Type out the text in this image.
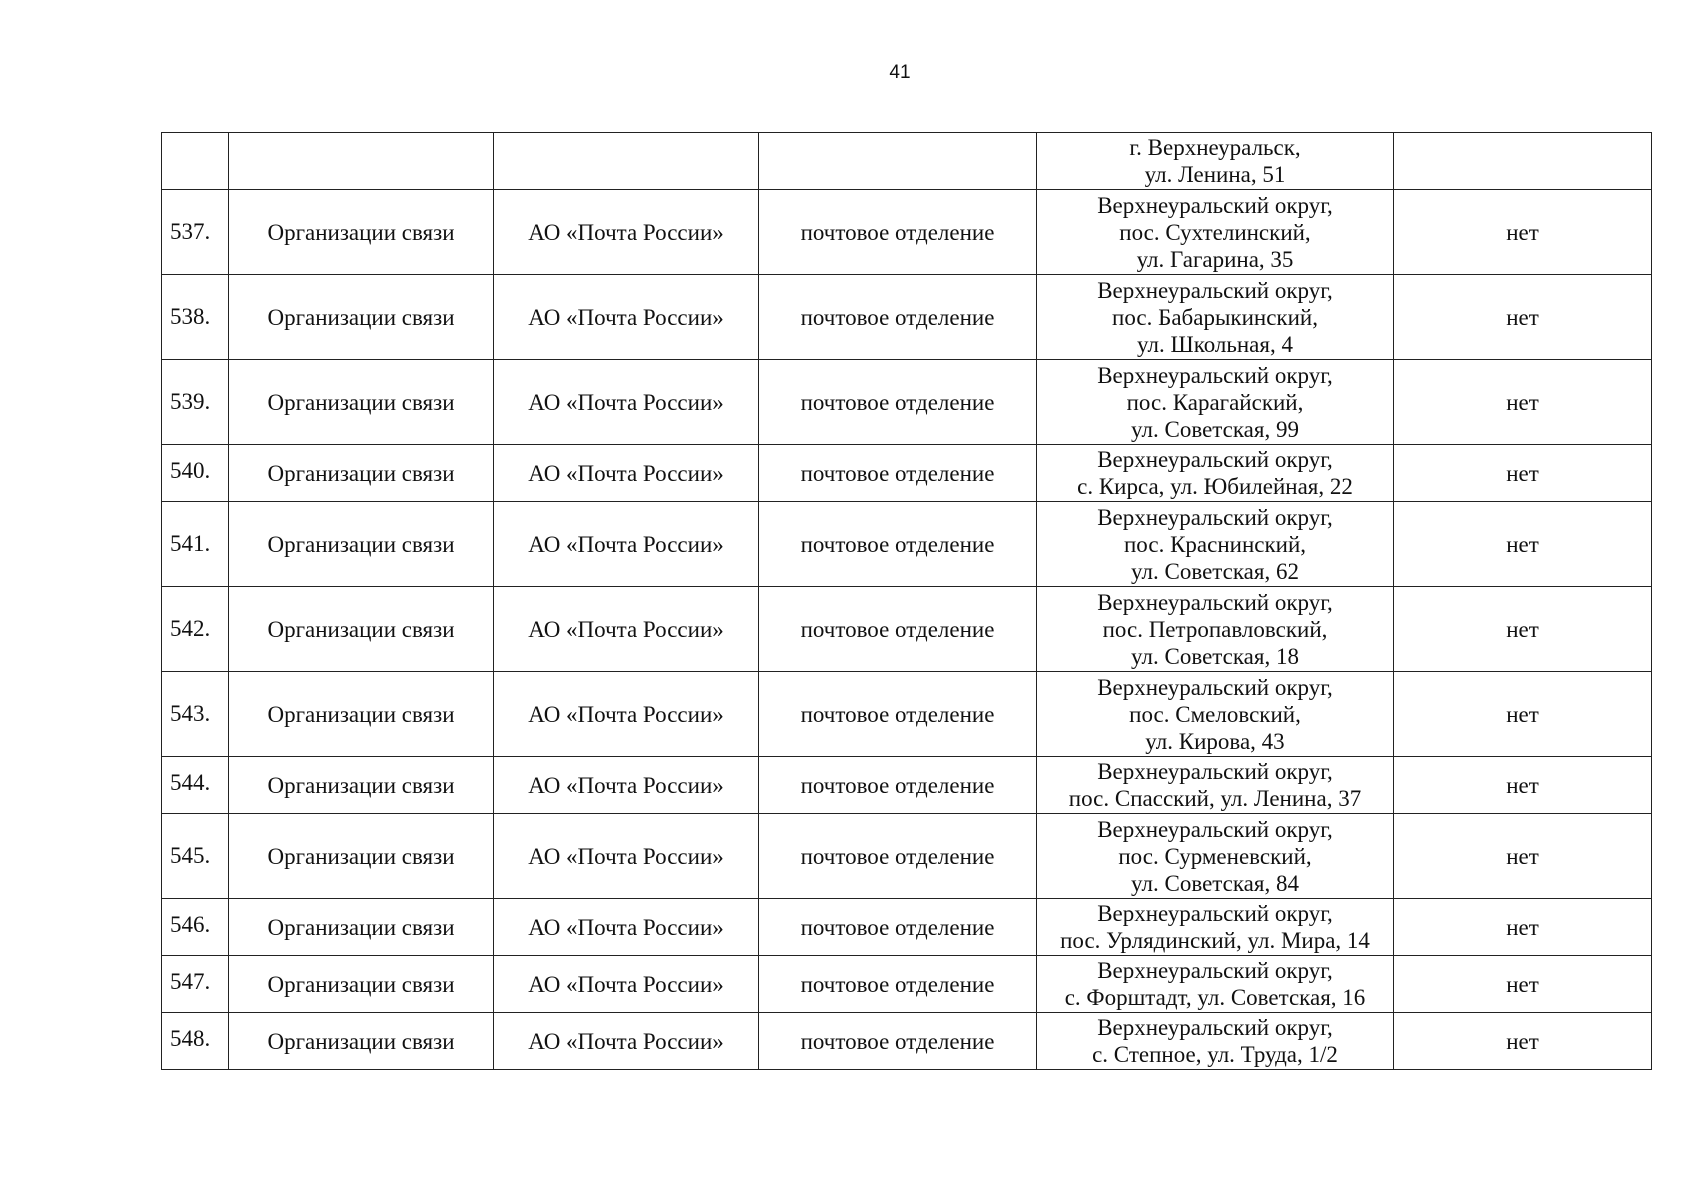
41

				г. Верхнеуральск,
ул. Ленина, 51	

537.	Организации связи	АО «Почта России»	почтовое отделение	Верхнеуральский округ,
пос. Сухтелинский,
ул. Гагарина, 35	нет
538.	Организации связи	АО «Почта России»	почтовое отделение	Верхнеуральский округ,
пос. Бабарыкинский,
ул. Школьная, 4	нет
539.	Организации связи	АО «Почта России»	почтовое отделение	Верхнеуральский округ,
пос. Карагайский,
ул. Советская, 99	нет
540.	Организации связи	АО «Почта России»	почтовое отделение	Верхнеуральский округ,
с. Кирса, ул. Юбилейная, 22	нет
541.	Организации связи	АО «Почта России»	почтовое отделение	Верхнеуральский округ,
пос. Краснинский,
ул. Советская, 62	нет
542.	Организации связи	АО «Почта России»	почтовое отделение	Верхнеуральский округ,
пос. Петропавловский,
ул. Советская, 18	нет
543.	Организации связи	АО «Почта России»	почтовое отделение	Верхнеуральский округ,
пос. Смеловский,
ул. Кирова, 43	нет
544.	Организации связи	АО «Почта России»	почтовое отделение	Верхнеуральский округ,
пос. Спасский, ул. Ленина, 37	нет
545.	Организации связи	АО «Почта России»	почтовое отделение	Верхнеуральский округ,
пос. Сурменевский,
ул. Советская, 84	нет
546.	Организации связи	АО «Почта России»	почтовое отделение	Верхнеуральский округ,
пос. Урлядинский, ул. Мира, 14	нет
547.	Организации связи	АО «Почта России»	почтовое отделение	Верхнеуральский округ,
с. Форштадт, ул. Советская, 16	нет
548.	Организации связи	АО «Почта России»	почтовое отделение	Верхнеуральский округ,
с. Степное, ул. Труда, 1/2	нет
